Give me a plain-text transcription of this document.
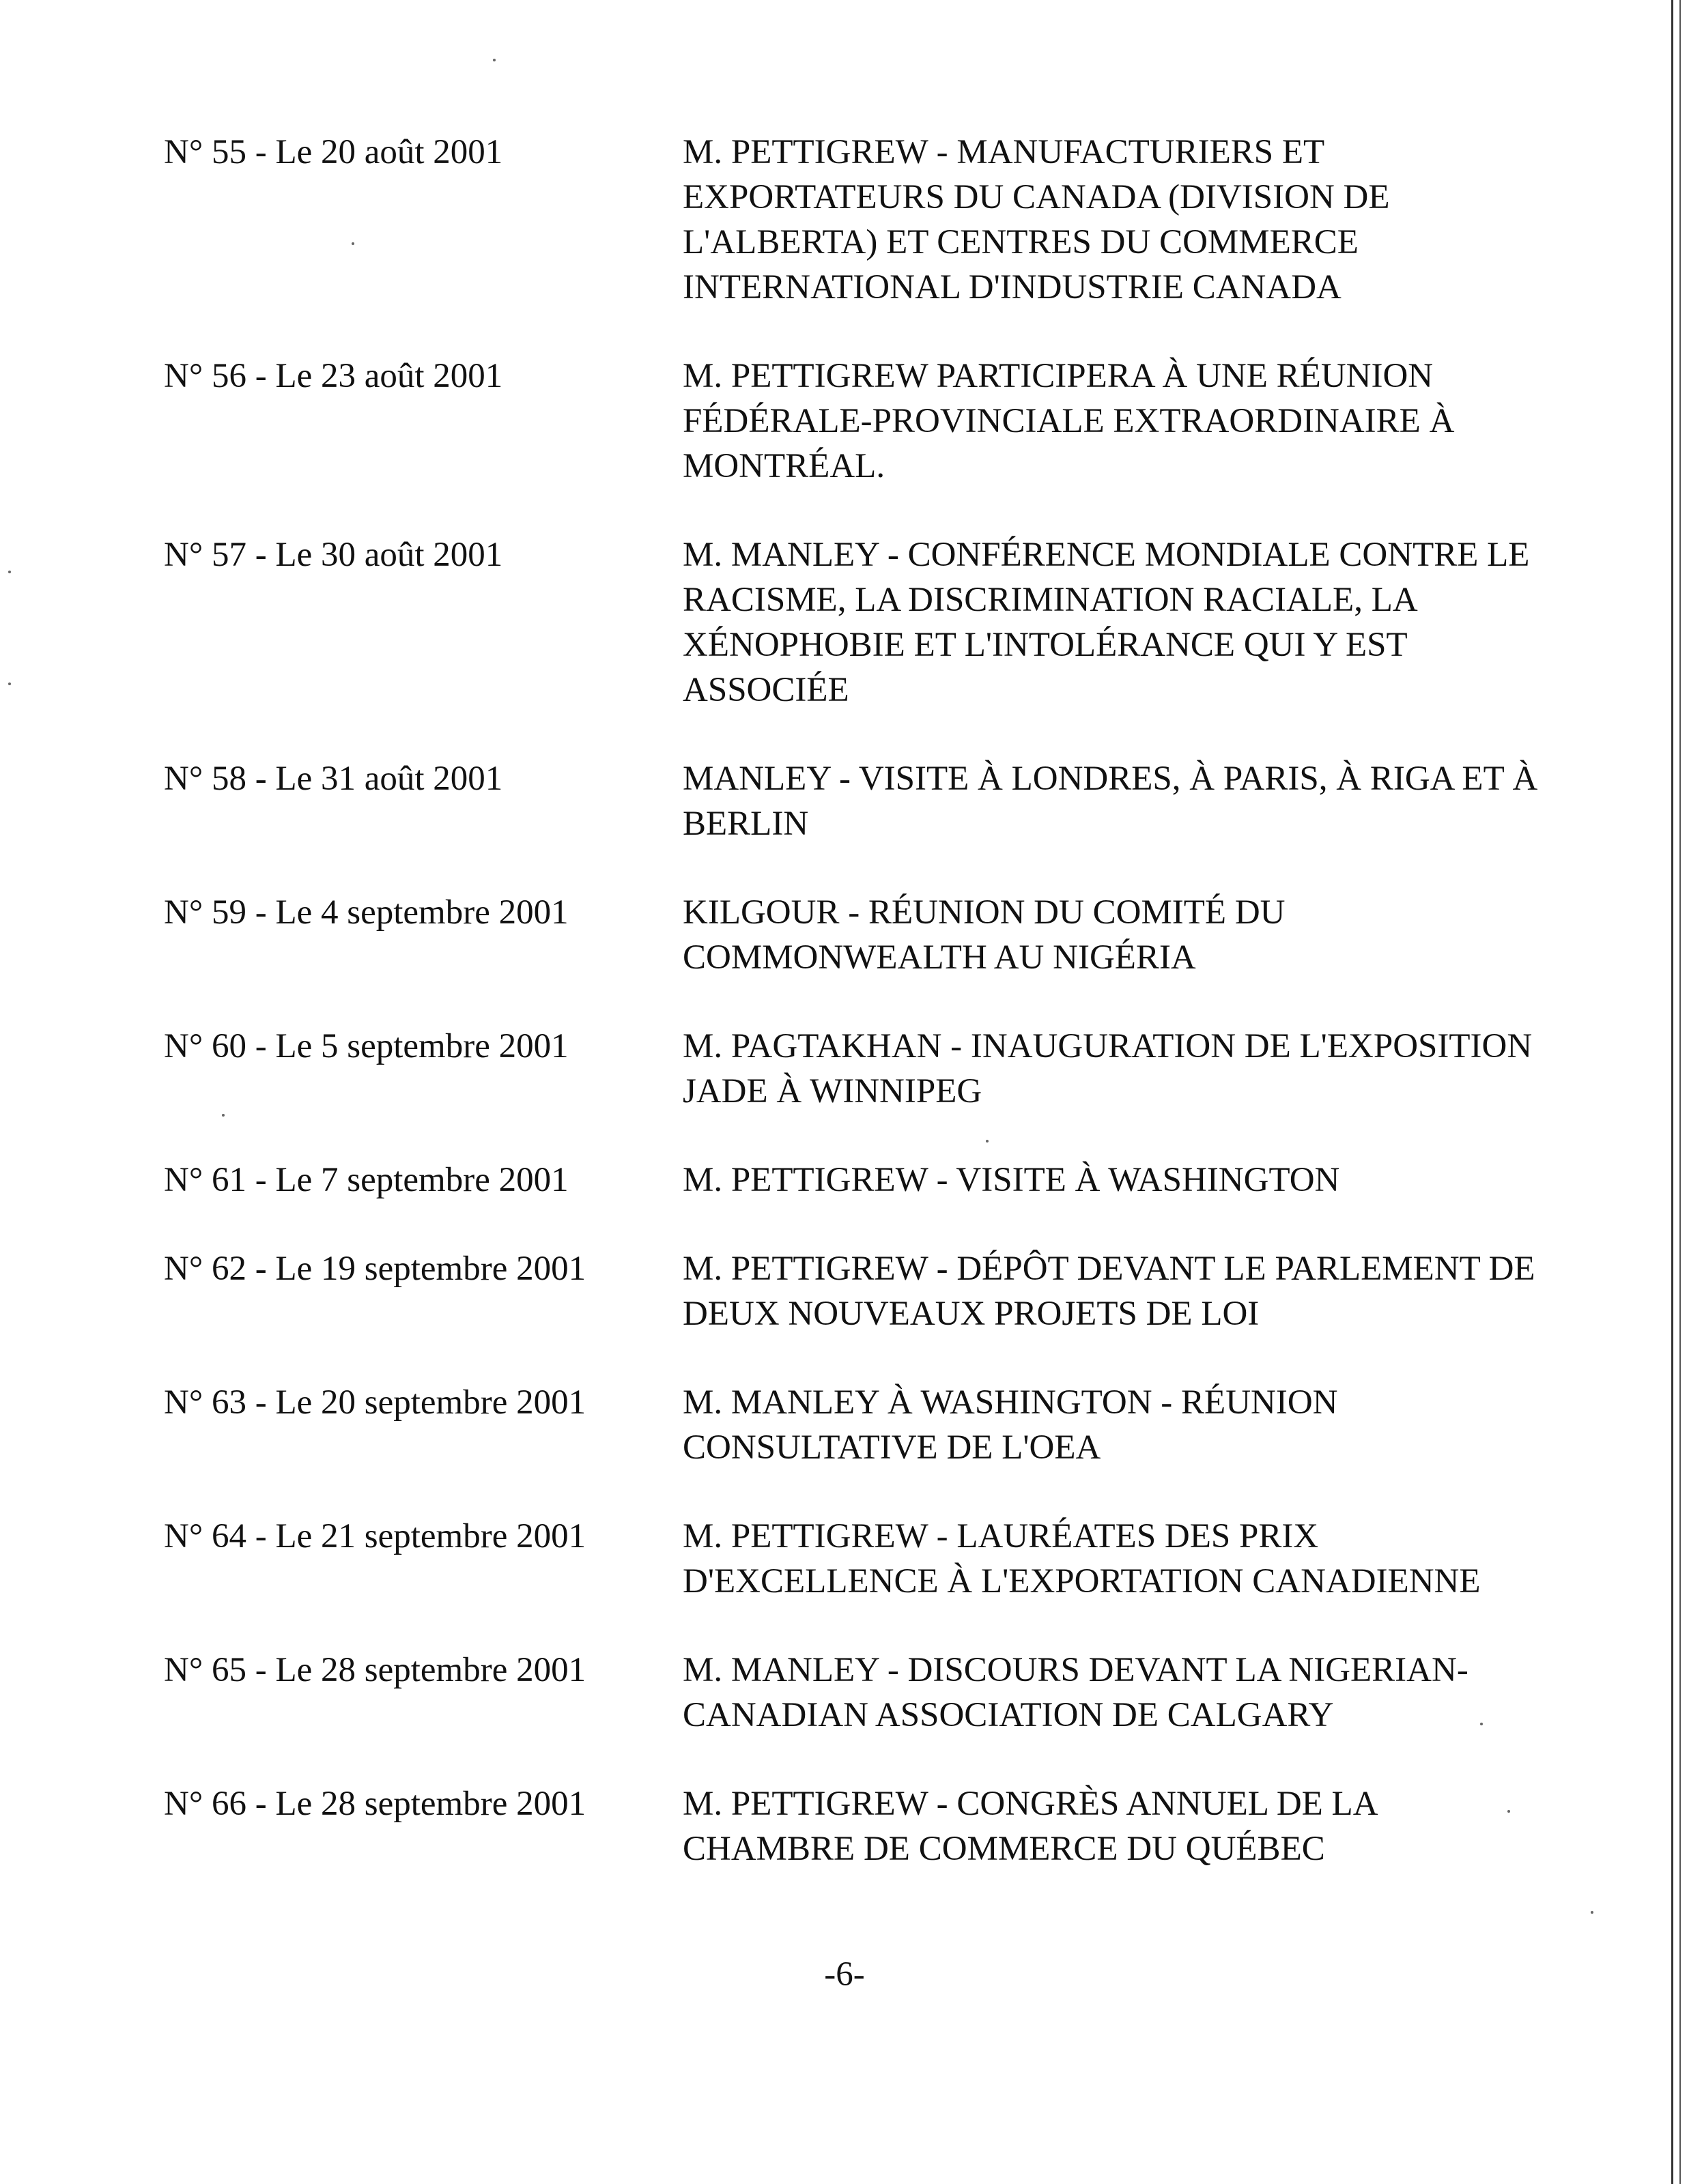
N° 55 - Le 20 août 2001	M. PETTIGREW - MANUFACTURIERS ET EXPORTATEURS DU CANADA (DIVISION DE L'ALBERTA) ET CENTRES DU COMMERCE INTERNATIONAL D'INDUSTRIE CANADA
N° 56 - Le 23 août 2001	M. PETTIGREW PARTICIPERA À UNE RÉUNION FÉDÉRALE-PROVINCIALE EXTRAORDINAIRE À MONTRÉAL.
N° 57 - Le 30 août 2001	M. MANLEY - CONFÉRENCE MONDIALE CONTRE LE RACISME, LA DISCRIMINATION RACIALE, LA XÉNOPHOBIE ET L'INTOLÉRANCE QUI Y EST ASSOCIÉE
N° 58 - Le 31 août 2001	MANLEY - VISITE À LONDRES, À PARIS, À RIGA ET À BERLIN
N° 59 - Le 4 septembre 2001	KILGOUR - RÉUNION DU COMITÉ DU COMMONWEALTH AU NIGÉRIA
N° 60 - Le 5 septembre 2001	M. PAGTAKHAN - INAUGURATION DE L'EXPOSITION JADE À WINNIPEG
N° 61 - Le 7 septembre 2001	M. PETTIGREW - VISITE À WASHINGTON
N° 62 - Le 19 septembre 2001	M. PETTIGREW - DÉPÔT DEVANT LE PARLEMENT DE DEUX NOUVEAUX PROJETS DE LOI
N° 63 - Le 20 septembre 2001	M. MANLEY À WASHINGTON - RÉUNION CONSULTATIVE DE L'OEA
N° 64 - Le 21 septembre 2001	M. PETTIGREW - LAURÉATES DES PRIX D'EXCELLENCE À L'EXPORTATION CANADIENNE
N° 65 - Le 28 septembre 2001	M. MANLEY - DISCOURS DEVANT LA NIGERIAN-CANADIAN ASSOCIATION DE CALGARY
N° 66 - Le 28 septembre 2001	M. PETTIGREW - CONGRÈS ANNUEL DE LA CHAMBRE DE COMMERCE DU QUÉBEC
-6-
